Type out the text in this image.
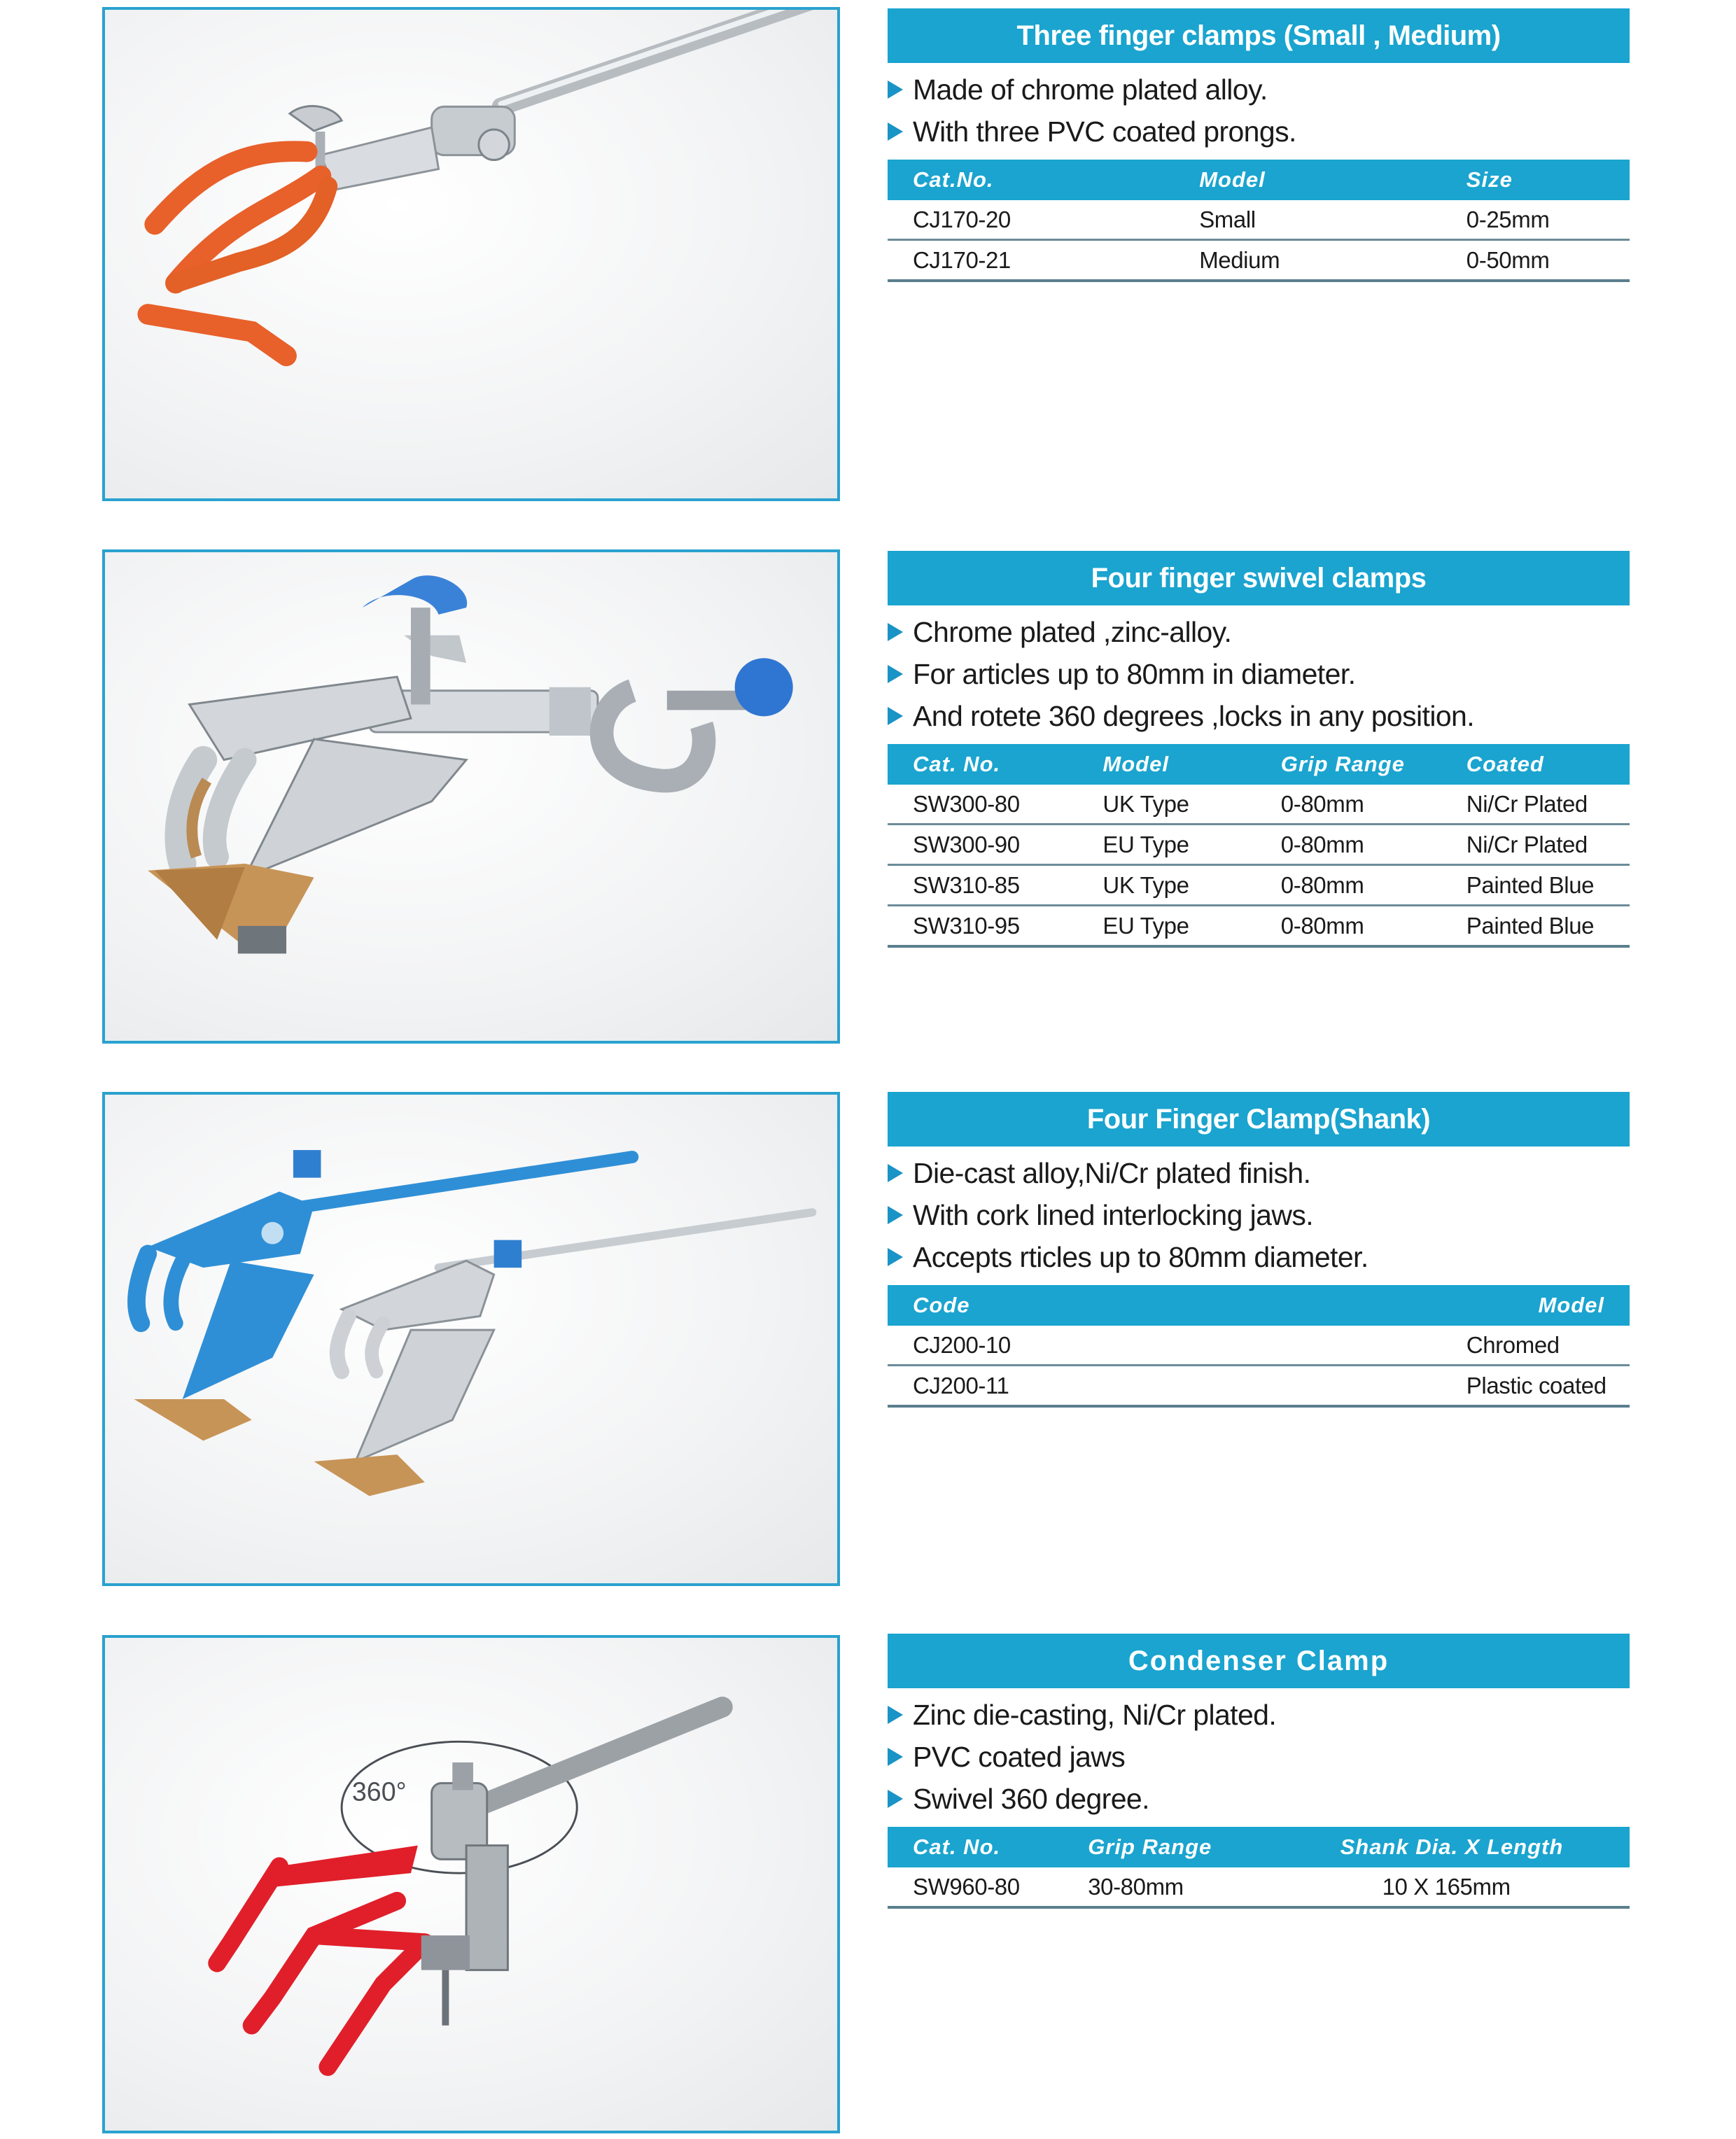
Three finger clamps (Small , Medium)
Made of chrome plated alloy.
With three PVC coated prongs.
Cat.No.	Model	Size
CJ170-20	Small	0-25mm
CJ170-21	Medium	0-50mm
Four finger swivel clamps
Chrome plated ,zinc-alloy.
For articles up to 80mm in diameter.
And rotete 360 degrees ,locks in any position.
Cat. No.	Model	Grip Range	Coated
SW300-80	UK Type	0-80mm	Ni/Cr Plated
SW300-90	EU Type	0-80mm	Ni/Cr Plated
SW310-85	UK Type	0-80mm	Painted Blue
SW310-95	EU Type	0-80mm	Painted Blue
Four Finger Clamp(Shank)
Die-cast alloy,Ni/Cr plated finish.
With cork lined interlocking jaws.
Accepts rticles up to 80mm diameter.
Code	Model
CJ200-10	Chromed
CJ200-11	Plastic coated
360°
Condenser Clamp
Zinc die-casting, Ni/Cr plated.
PVC coated jaws
Swivel 360 degree.
Cat. No.	Grip Range	Shank Dia. X Length
SW960-80	30-80mm	10 X 165mm
